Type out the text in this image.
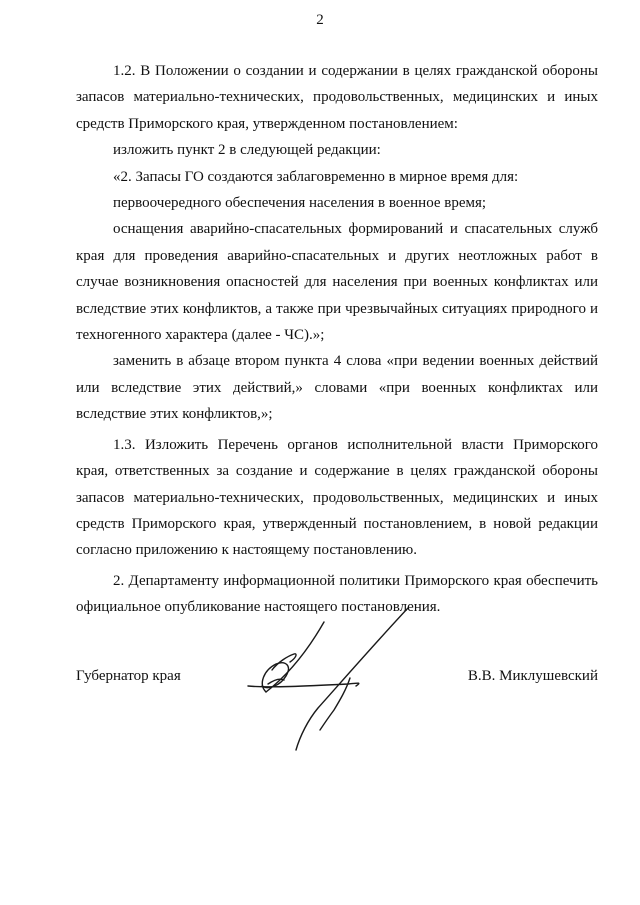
2

1.2. В Положении о создании и содержании в целях гражданской обороны запасов материально-технических, продовольственных, медицинских и иных средств Приморского края, утвержденном постановлением:

изложить пункт 2 в следующей редакции:

«2. Запасы ГО создаются заблаговременно в мирное время для:

первоочередного обеспечения населения в военное время;

оснащения аварийно-спасательных формирований и спасательных служб края для проведения аварийно-спасательных и других неотложных работ в случае возникновения опасностей для населения при военных конфликтах или вследствие этих конфликтов, а также при чрезвычайных ситуациях природного и техногенного характера (далее - ЧС).»;

заменить в абзаце втором пункта 4 слова «при ведении военных действий или вследствие этих действий,» словами «при военных конфликтах или вследствие этих конфликтов,»;

1.3. Изложить Перечень органов исполнительной власти Приморского края, ответственных за создание и содержание в целях гражданской обороны запасов материально-технических, продовольственных, медицинских и иных средств Приморского края, утвержденный постановлением, в новой редакции согласно приложению к настоящему постановлению.

2. Департаменту информационной политики Приморского края обеспечить официальное опубликование настоящего постановления.

Губернатор края	В.В. Миклушевский
